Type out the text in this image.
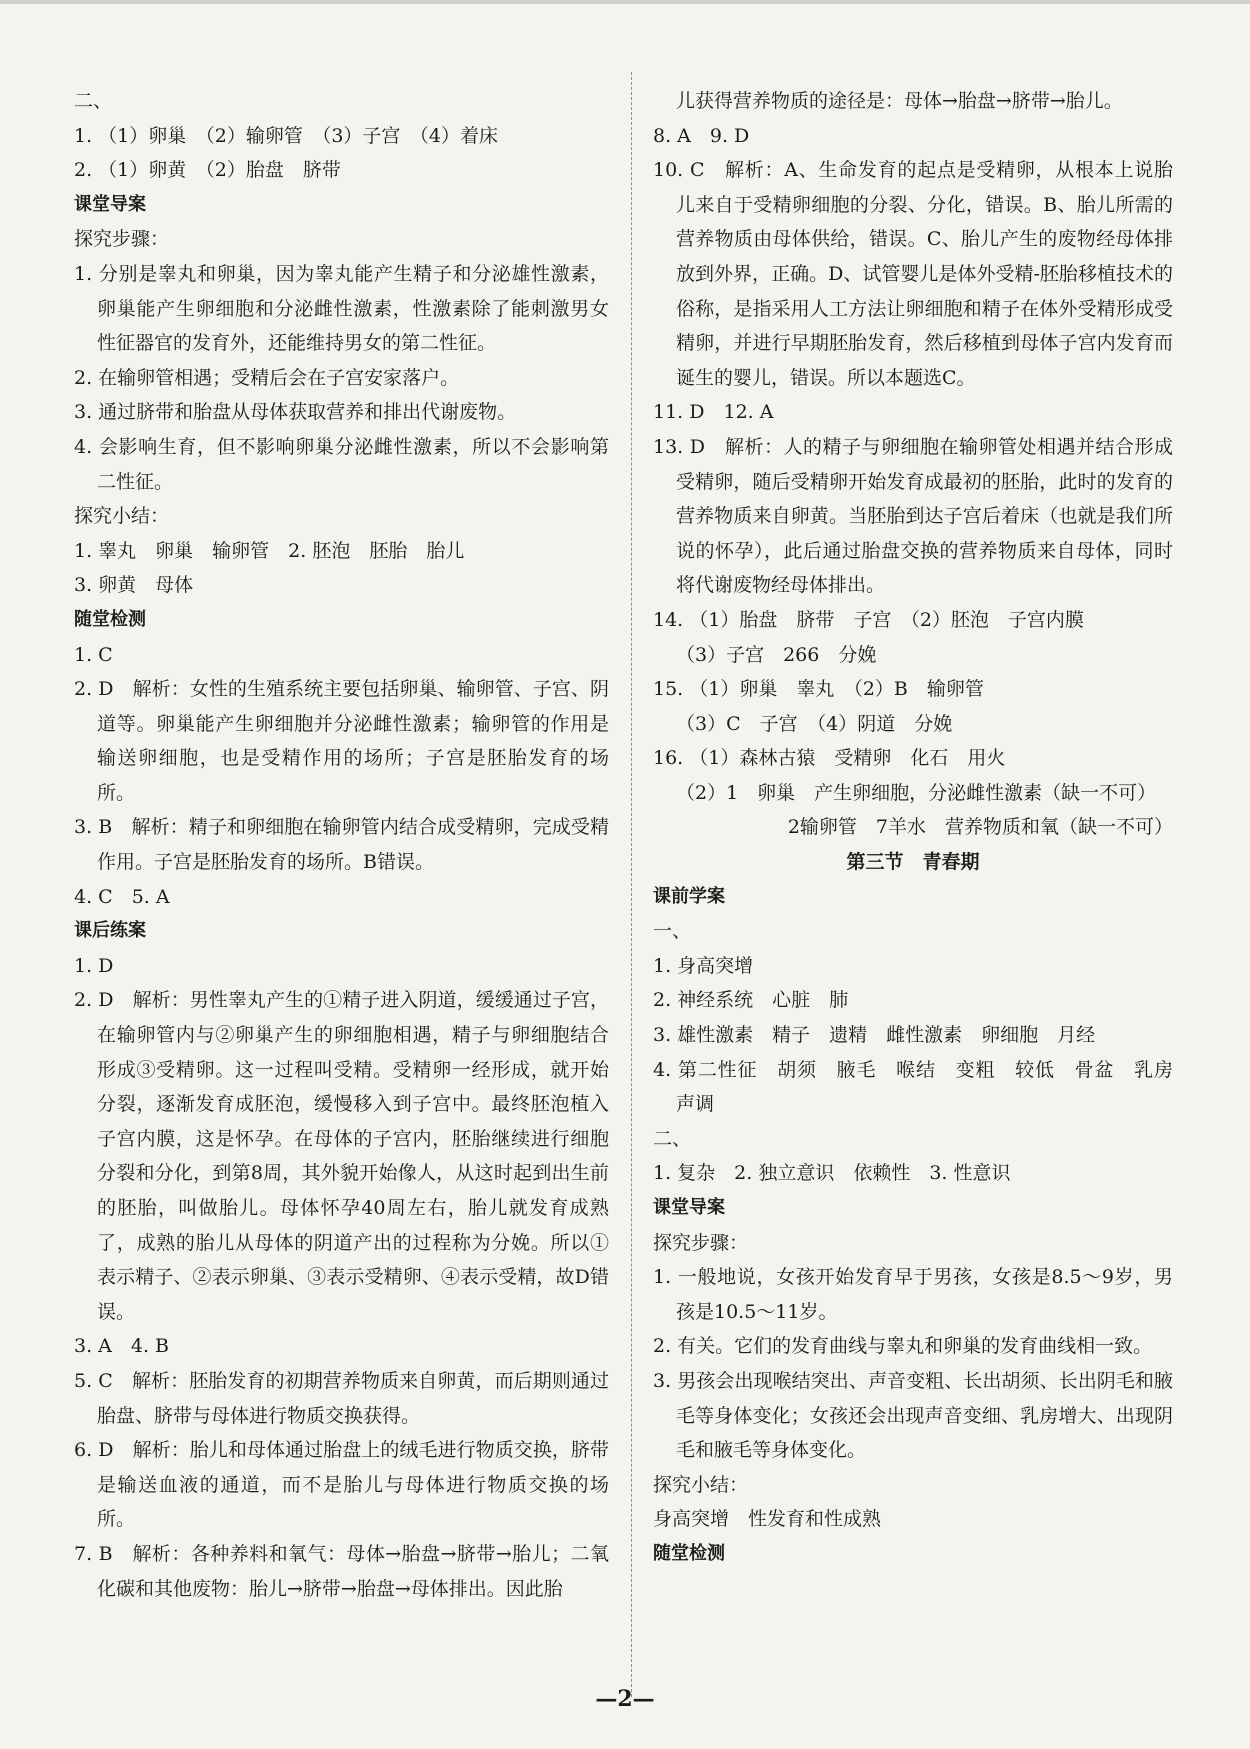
二、
1. （1）卵巢　（2）输卵管　（3）子宫　（4）着床
2. （1）卵黄　（2）胎盘　脐带
课堂导案
探究步骤：
1. 分别是睾丸和卵巢，因为睾丸能产生精子和分泌雄性激素，卵巢能产生卵细胞和分泌雌性激素，性激素除了能刺激男女性征器官的发育外，还能维持男女的第二性征。
2. 在输卵管相遇；受精后会在子宫安家落户。
3. 通过脐带和胎盘从母体获取营养和排出代谢废物。
4. 会影响生育，但不影响卵巢分泌雌性激素，所以不会影响第二性征。
探究小结：
1. 睾丸　卵巢　输卵管　2. 胚泡　胚胎　胎儿
3. 卵黄　母体
随堂检测
1. C
2. D　解析：女性的生殖系统主要包括卵巢、输卵管、子宫、阴道等。卵巢能产生卵细胞并分泌雌性激素；输卵管的作用是输送卵细胞，也是受精作用的场所；子宫是胚胎发育的场所。
3. B　解析：精子和卵细胞在输卵管内结合成受精卵，完成受精作用。子宫是胚胎发育的场所。B错误。
4. C　5. A
课后练案
1. D
2. D　解析：男性睾丸产生的①精子进入阴道，缓缓通过子宫，在输卵管内与②卵巢产生的卵细胞相遇，精子与卵细胞结合形成③受精卵。这一过程叫受精。受精卵一经形成，就开始分裂，逐渐发育成胚泡，缓慢移入到子宫中。最终胚泡植入子宫内膜，这是怀孕。在母体的子宫内，胚胎继续进行细胞分裂和分化，到第8周，其外貌开始像人，从这时起到出生前的胚胎，叫做胎儿。母体怀孕40周左右，胎儿就发育成熟了，成熟的胎儿从母体的阴道产出的过程称为分娩。所以①表示精子、②表示卵巢、③表示受精卵、④表示受精，故D错误。
3. A　4. B
5. C　解析：胚胎发育的初期营养物质来自卵黄，而后期则通过胎盘、脐带与母体进行物质交换获得。
6. D　解析：胎儿和母体通过胎盘上的绒毛进行物质交换，脐带是输送血液的通道，而不是胎儿与母体进行物质交换的场所。
7. B　解析：各种养料和氧气：母体→胎盘→脐带→胎儿；二氧化碳和其他废物：胎儿→脐带→胎盘→母体排出。因此胎
儿获得营养物质的途径是：母体→胎盘→脐带→胎儿。
8. A　9. D
10. C　解析：A、生命发育的起点是受精卵，从根本上说胎儿来自于受精卵细胞的分裂、分化，错误。B、胎儿所需的营养物质由母体供给，错误。C、胎儿产生的废物经母体排放到外界，正确。D、试管婴儿是体外受精-胚胎移植技术的俗称，是指采用人工方法让卵细胞和精子在体外受精形成受精卵，并进行早期胚胎发育，然后移植到母体子宫内发育而诞生的婴儿，错误。所以本题选C。
11. D　12. A
13. D　解析：人的精子与卵细胞在输卵管处相遇并结合形成受精卵，随后受精卵开始发育成最初的胚胎，此时的发育的营养物质来自卵黄。当胚胎到达子宫后着床（也就是我们所说的怀孕），此后通过胎盘交换的营养物质来自母体，同时将代谢废物经母体排出。
14. （1）胎盘　脐带　子宫　（2）胚泡　子宫内膜
（3）子宫　266　分娩
15. （1）卵巢　睾丸　（2）B　输卵管
（3）C　子宫　（4）阴道　分娩
16. （1）森林古猿　受精卵　化石　用火
（2）1　卵巢　产生卵细胞，分泌雌性激素（缺一不可）
2输卵管　7羊水　营养物质和氧（缺一不可）
第三节　青春期
课前学案
一、
1. 身高突增
2. 神经系统　心脏　肺
3. 雄性激素　精子　遗精　雌性激素　卵细胞　月经
4. 第二性征　胡须　腋毛　喉结　变粗　较低　骨盆　乳房　声调
二、
1. 复杂　2. 独立意识　依赖性　3. 性意识
课堂导案
探究步骤：
1. 一般地说，女孩开始发育早于男孩，女孩是8.5～9岁，男孩是10.5～11岁。
2. 有关。它们的发育曲线与睾丸和卵巢的发育曲线相一致。
3. 男孩会出现喉结突出、声音变粗、长出胡须、长出阴毛和腋毛等身体变化；女孩还会出现声音变细、乳房增大、出现阴毛和腋毛等身体变化。
探究小结：
身高突增　性发育和性成熟
随堂检测
—2—
